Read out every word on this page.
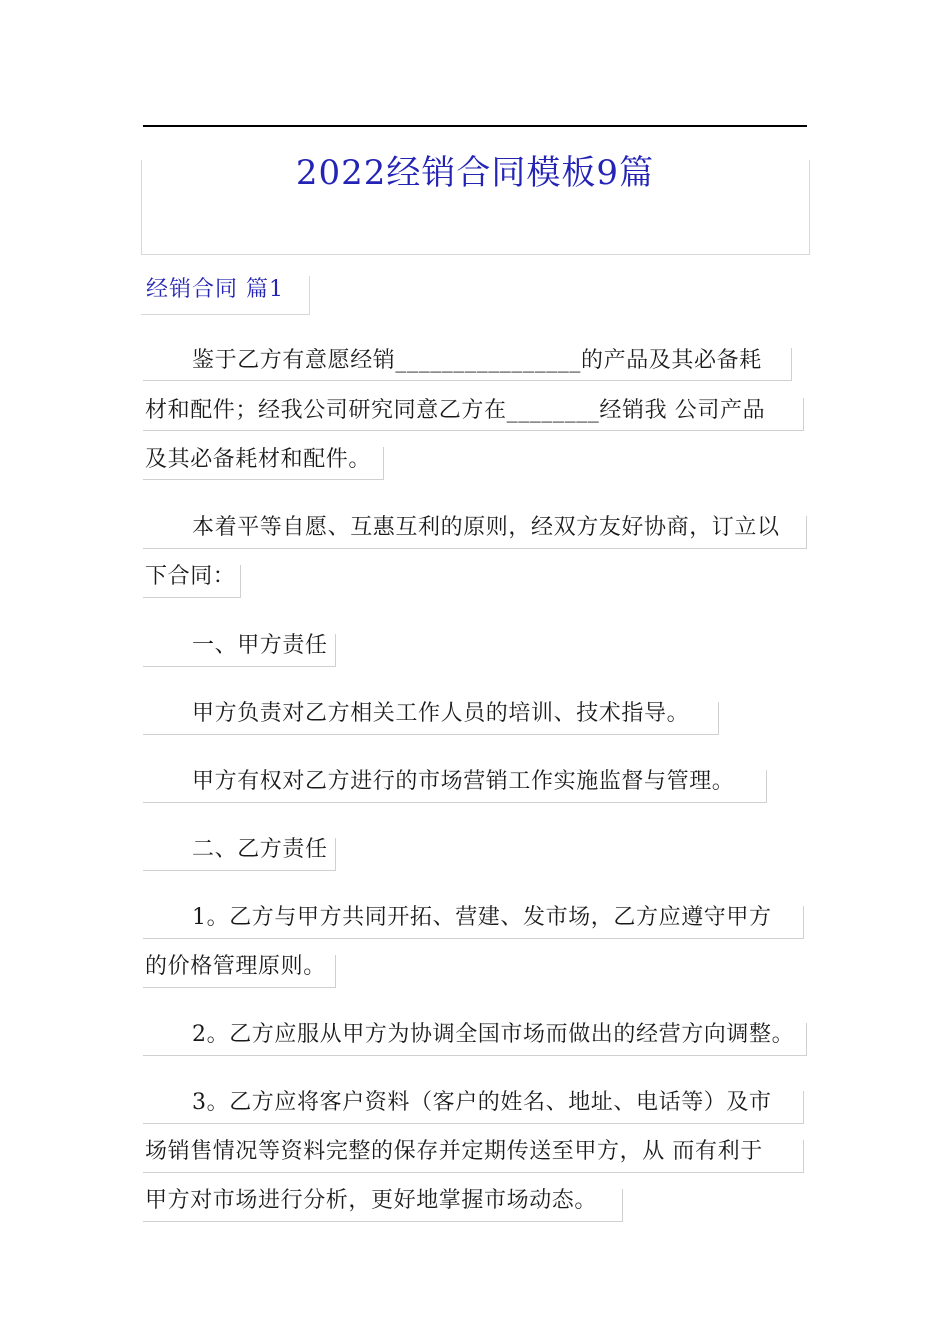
2022经销合同模板9篇
经销合同 篇1
鉴于乙方有意愿经销________________的产品及其必备耗
材和配件；经我公司研究同意乙方在________经销我 公司产品
及其必备耗材和配件。
本着平等自愿、互惠互利的原则，经双方友好协商，订立以
下合同：
一、甲方责任
甲方负责对乙方相关工作人员的培训、技术指导。
甲方有权对乙方进行的市场营销工作实施监督与管理。
二、乙方责任
1。乙方与甲方共同开拓、营建、发市场，乙方应遵守甲方
的价格管理原则。
2。乙方应服从甲方为协调全国市场而做出的经营方向调整。
3。乙方应将客户资料（客户的姓名、地址、电话等）及市
场销售情况等资料完整的保存并定期传送至甲方，从 而有利于
甲方对市场进行分析，更好地掌握市场动态。
